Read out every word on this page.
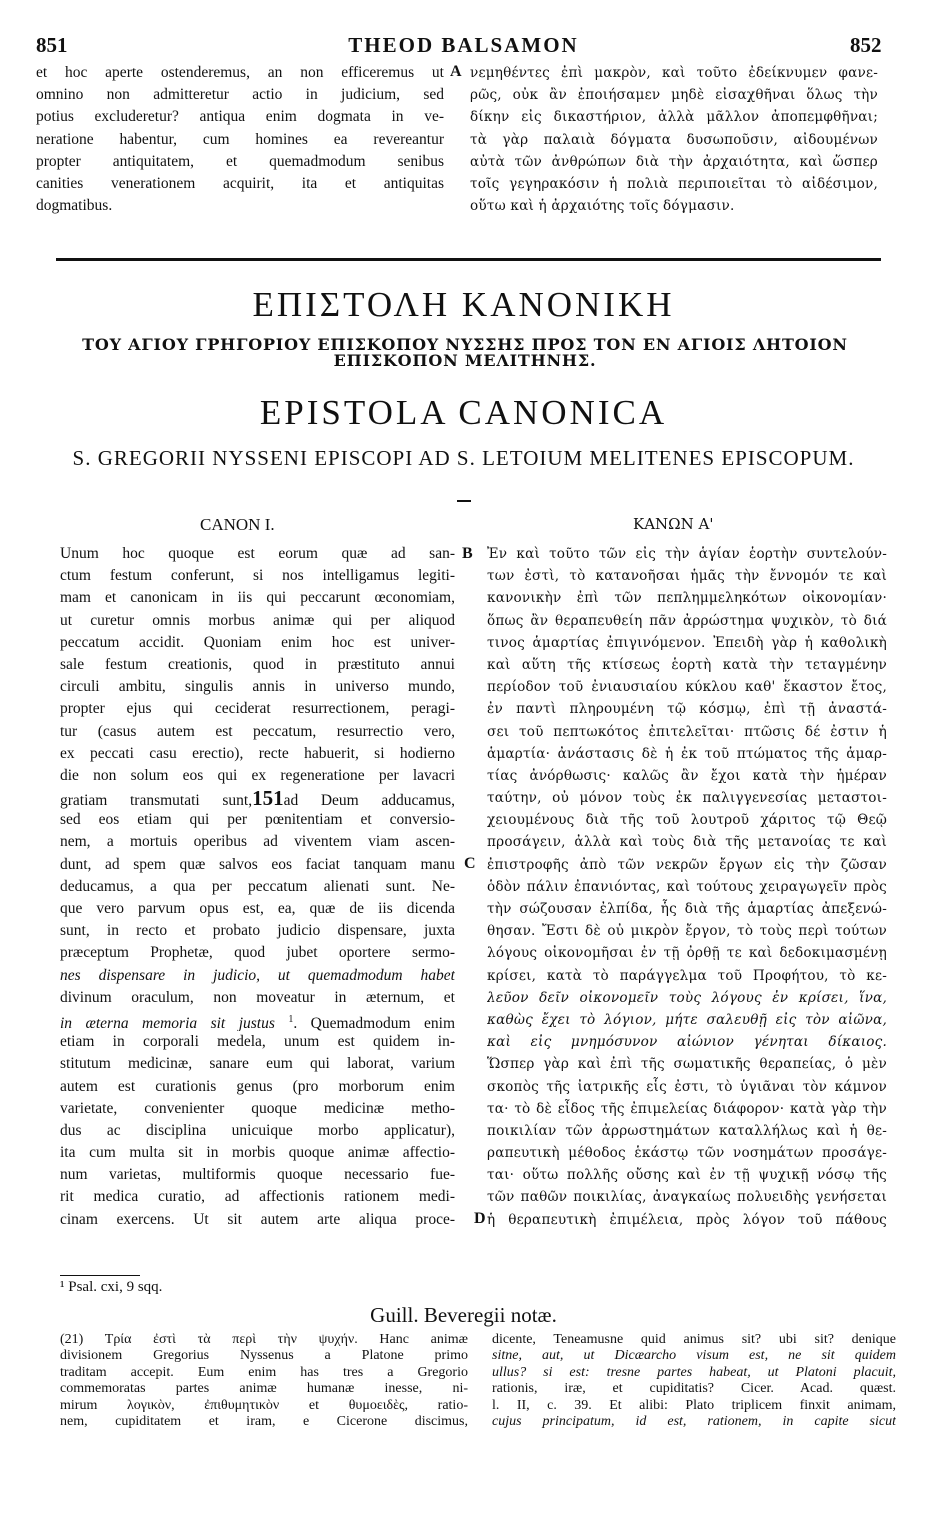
851	THEOD BALSAMON	852
et hoc aperte ostenderemus, an non efficeremus ut
omnino non admitteretur actio in judicium, sed
potius excluderetur? antiqua enim dogmata in ve-
neratione habentur, cum homines ea revereantur
propter antiquitatem, et quemadmodum senibus
canities venerationem acquirit, ita et antiquitas
dogmatibus.
A νεμηθέντες ἐπὶ μακρὸν, καὶ τοῦτο ἐδείκνυμεν φανε-
ρῶς, οὐκ ἂν ἐποιήσαμεν μηδὲ εἰσαχθῆναι ὅλως τὴν
δίκην εἰς δικαστήριον, ἀλλὰ μᾶλλον ἀποπεμφθῆναι;
τὰ γὰρ παλαιὰ δόγματα δυσωποῦσιν, αἰδουμένων
αὐτὰ τῶν ἀνθρώπων διὰ τὴν ἀρχαιότητα, καὶ ὥσπερ
τοῖς γεγηρακόσιν ἡ πολιὰ περιποιεῖται τὸ αἰδέσιμον,
οὕτω καὶ ἡ ἀρχαιότης τοῖς δόγμασιν.
ΕΠΙΣΤΟΛΗ ΚΑΝΟΝΙΚΗ
ΤΟΥ ΑΓΙΟΥ ΓΡΗΓΟΡΙΟΥ ΕΠΙΣΚΟΠΟΥ ΝΥΣΣΗΣ ΠΡΟΣ ΤΟΝ ΕΝ ΑΓΙΟΙΣ ΛΗΤΟΙΟΝ ΕΠΙΣΚΟΠΟΝ ΜΕΛΙΤΗΝΗΣ.
EPISTOLA CANONICA
S. GREGORII NYSSENI EPISCOPI AD S. LETOIUM MELITENES EPISCOPUM.
CANON I.	ΚΑΝΩΝ Α'
Unum hoc quoque est eorum quæ ad san-
ctum festum conferunt, si nos intelligamus legiti-
mam et canonicam in iis qui peccarunt œconomiam,
ut curetur omnis morbus animæ qui per aliquod
peccatum accidit. Quoniam enim hoc est univer-
sale festum creationis, quod in præstituto annui
circuli ambitu, singulis annis in universo mundo,
propter ejus qui ceciderat resurrectionem, peragi-
tur (casus autem est peccatum, resurrectio vero,
ex peccati casu erectio), recte habuerit, si hodierno
die non solum eos qui ex regeneratione per lavacri
gratiam transmutati sunt,151ad Deum adducamus,
sed eos etiam qui per pœnitentiam et conversio-
nem, a mortuis operibus ad viventem viam ascen-
dunt, ad spem quæ salvos eos faciat tanquam manu
deducamus, a qua per peccatum alienati sunt. Ne-
que vero parvum opus est, ea, quæ de iis dicenda
sunt, in recto et probato judicio dispensare, juxta
præceptum Prophetæ, quod jubet oportere sermo-
nes dispensare in judicio, ut quemadmodum habet
divinum oraculum, non moveatur in æternum, et
in æterna memoria sit justus $^1$. Quemadmodum enim
etiam in corporali medela, unum est quidem in-
stitutum medicinæ, sanare eum qui laborat, varium
autem est curationis genus (pro morborum enim
varietate, convenienter quoque medicinæ metho-
dus ac disciplina unicuique morbo applicatur),
ita cum multa sit in morbis quoque animæ affectio-
num varietas, multiformis quoque necessario fue-
rit medica curatio, ad affectionis rationem medi-
cinam exercens. Ut sit autem arte aliqua proce-
B
C
D
Ἐν καὶ τοῦτο τῶν εἰς τὴν ἁγίαν ἑορτὴν συντελούν-
των ἐστὶ, τὸ κατανοῆσαι ἡμᾶς τὴν ἔννομόν τε καὶ
κανονικὴν ἐπὶ τῶν πεπλημμεληκότων οἰκονομίαν·
ὅπως ἂν θεραπευθείη πᾶν ἀρρώστημα ψυχικὸν, τὸ διά
τινος ἁμαρτίας ἐπιγινόμενον. Ἐπειδὴ γὰρ ἡ καθολικὴ
καὶ αὕτη τῆς κτίσεως ἑορτὴ κατὰ τὴν τεταγμένην
περίοδον τοῦ ἐνιαυσιαίου κύκλου καθ' ἕκαστον ἔτος,
ἐν παντὶ πληρουμένη τῷ κόσμῳ, ἐπὶ τῇ ἀναστά-
σει τοῦ πεπτωκότος ἐπιτελεῖται· πτῶσις δέ ἐστιν ἡ
ἁμαρτία· ἀνάστασις δὲ ἡ ἐκ τοῦ πτώματος τῆς ἁμαρ-
τίας ἀνόρθωσις· καλῶς ἂν ἔχοι κατὰ τὴν ἡμέραν
ταύτην, οὐ μόνον τοὺς ἐκ παλιγγενεσίας μεταστοι-
χειουμένους διὰ τῆς τοῦ λουτροῦ χάριτος τῷ Θεῷ
προσάγειν, ἀλλὰ καὶ τοὺς διὰ τῆς μετανοίας τε καὶ
ἐπιστροφῆς ἀπὸ τῶν νεκρῶν ἔργων εἰς τὴν ζῶσαν
ὁδὸν πάλιν ἐπανιόντας, καὶ τούτους χειραγωγεῖν πρὸς
τὴν σώζουσαν ἐλπίδα, ἧς διὰ τῆς ἁμαρτίας ἀπεξενώ-
θησαν. Ἔστι δὲ οὐ μικρὸν ἔργον, τὸ τοὺς περὶ τούτων
λόγους οἰκονομῆσαι ἐν τῇ ὀρθῇ τε καὶ δεδοκιμασμένῃ
κρίσει, κατὰ τὸ παράγγελμα τοῦ Προφήτου, τὸ κε-
λεῦον δεῖν οἰκονομεῖν τοὺς λόγους ἐν κρίσει, ἵνα,
καθὼς ἔχει τὸ λόγιον, μήτε σαλευθῇ εἰς τὸν αἰῶνα,
καὶ εἰς μνημόσυνον αἰώνιον γένηται δίκαιος.
Ὥσπερ γὰρ καὶ ἐπὶ τῆς σωματικῆς θεραπείας, ὁ μὲν
σκοπὸς τῆς ἰατρικῆς εἷς ἐστι, τὸ ὑγιᾶναι τὸν κάμνον
τα· τὸ δὲ εἶδος τῆς ἐπιμελείας διάφορον· κατὰ γὰρ τὴν
ποικιλίαν τῶν ἀρρωστημάτων καταλλήλως καὶ ἡ θε-
ραπευτικὴ μέθοδος ἑκάστῳ τῶν νοσημάτων προσάγε-
ται· οὕτω πολλῆς οὔσης καὶ ἐν τῇ ψυχικῇ νόσῳ τῆς
τῶν παθῶν ποικιλίας, ἀναγκαίως πολυειδὴς γενήσεται
ἡ θεραπευτικὴ ἐπιμέλεια, πρὸς λόγον τοῦ πάθους
¹ Psal. cxi, 9 sqq.
Guill. Beveregii notæ.
(21) Τρία ἐστὶ τὰ περὶ τὴν ψυχήν. Hanc animæ
divisionem Gregorius Nyssenus a Platone primo
traditam accepit. Eum enim has tres a Gregorio
commemoratas partes animæ humanæ inesse, ni-
mirum λογικὸν, ἐπιθυμητικὸν et θυμοειδὲς, ratio-
nem, cupiditatem et iram, e Cicerone discimus,
dicente, Teneamusne quid animus sit? ubi sit? denique
sitne, aut, ut Dicæarcho visum est, ne sit quidem
ullus? si est: tresne partes habeat, ut Platoni placuit,
rationis, iræ, et cupiditatis? Cicer. Acad. quæst.
l. II, c. 39. Et alibi: Plato triplicem finxit animam,
cujus principatum, id est, rationem, in capite sicut
